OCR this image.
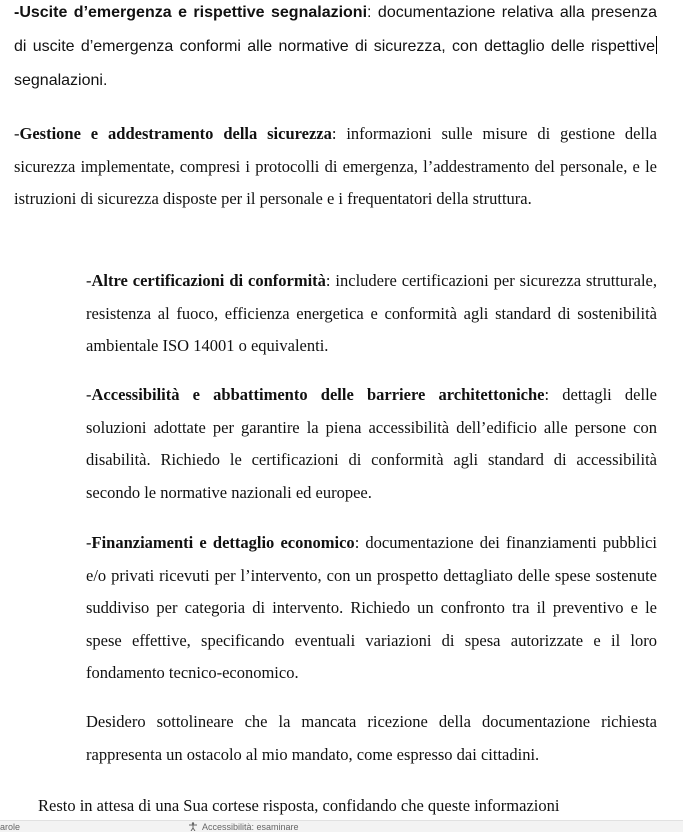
-Uscite d’emergenza e rispettive segnalazioni: documentazione relativa alla presenza di uscite d’emergenza conformi alle normative di sicurezza, con dettaglio delle rispettivesegnalazioni.

-Gestione e addestramento della sicurezza: informazioni sulle misure di gestione della sicurezza implementate, compresi i protocolli di emergenza, l’addestramento del personale, e le istruzioni di sicurezza disposte per il personale e i frequentatori della struttura.

-Altre certificazioni di conformità: includere certificazioni per sicurezza strutturale, resistenza al fuoco, efficienza energetica e conformità agli standard di sostenibilità ambientale ISO 14001 o equivalenti.

-Accessibilità e abbattimento delle barriere architettoniche: dettagli delle soluzioni adottate per garantire la piena accessibilità dell’edificio alle persone con disabilità. Richiedo le certificazioni di conformità agli standard di accessibilità secondo le normative nazionali ed europee.

-Finanziamenti e dettaglio economico: documentazione dei finanziamenti pubblici e/o privati ricevuti per l’intervento, con un prospetto dettagliato delle spese sostenute suddiviso per categoria di intervento. Richiedo un confronto tra il preventivo e le spese effettive, specificando eventuali variazioni di spesa autorizzate e il loro fondamento tecnico-economico.

Desidero sottolineare che la mancata ricezione della documentazione richiesta rappresenta un ostacolo al mio mandato, come espresso dai cittadini.

Resto in attesa di una Sua cortese risposta, confidando che queste informazioni

arole	Accessibilità: esaminare
